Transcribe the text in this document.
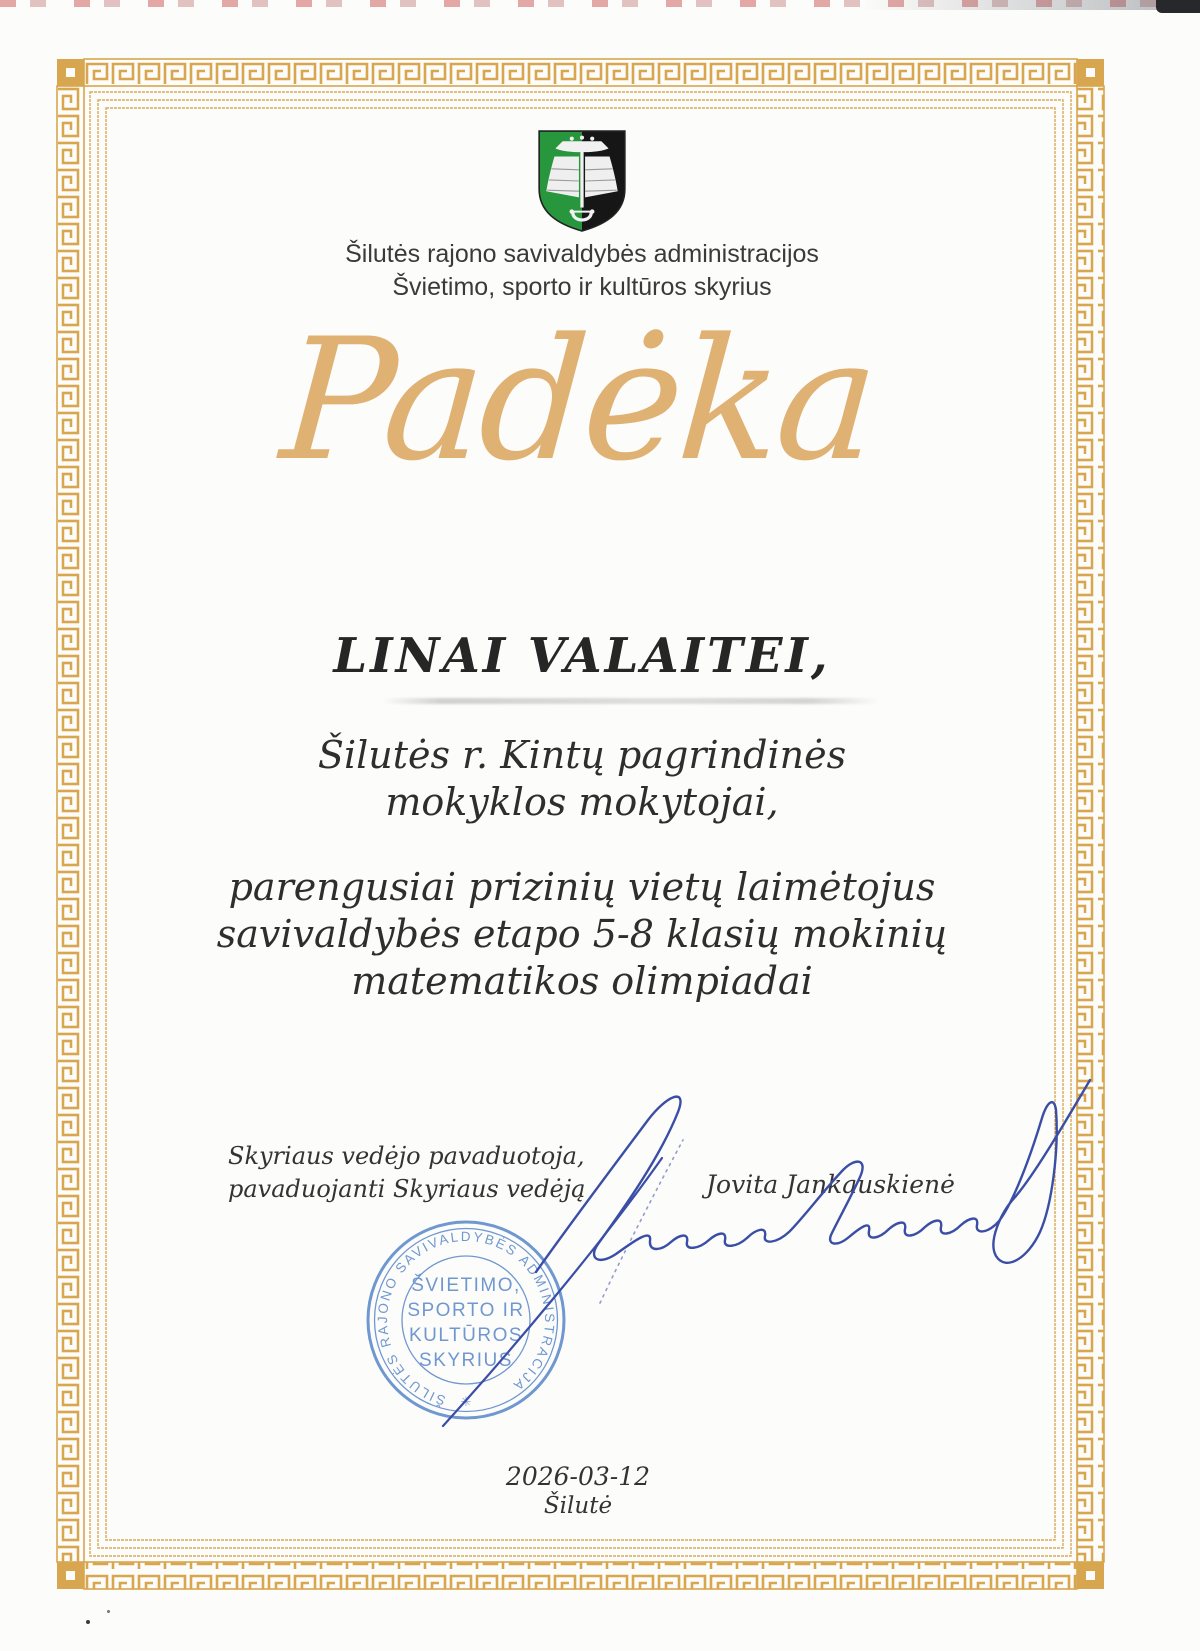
Šilutės rajono savivaldybės administracijos
Švietimo, sporto ir kultūros skyrius
Padėka
LINAI VALAITEI,
Šilutės r. Kintų pagrindinės
mokyklos mokytojai,
parengusiai prizinių vietų laimėtojus
savivaldybės etapo 5-8 klasių mokinių
matematikos olimpiadai
Skyriaus vedėjo pavaduotoja,
pavaduojanti Skyriaus vedėją	Jovita Jankauskienė
ŠILUTĖS RAJONO SAVIVALDYBĖS ADMINISTRACIJA
✳
ŠVIETIMO,
SPORTO IR
KULTŪROS
SKYRIUS
2026-03-12
Šilutė
